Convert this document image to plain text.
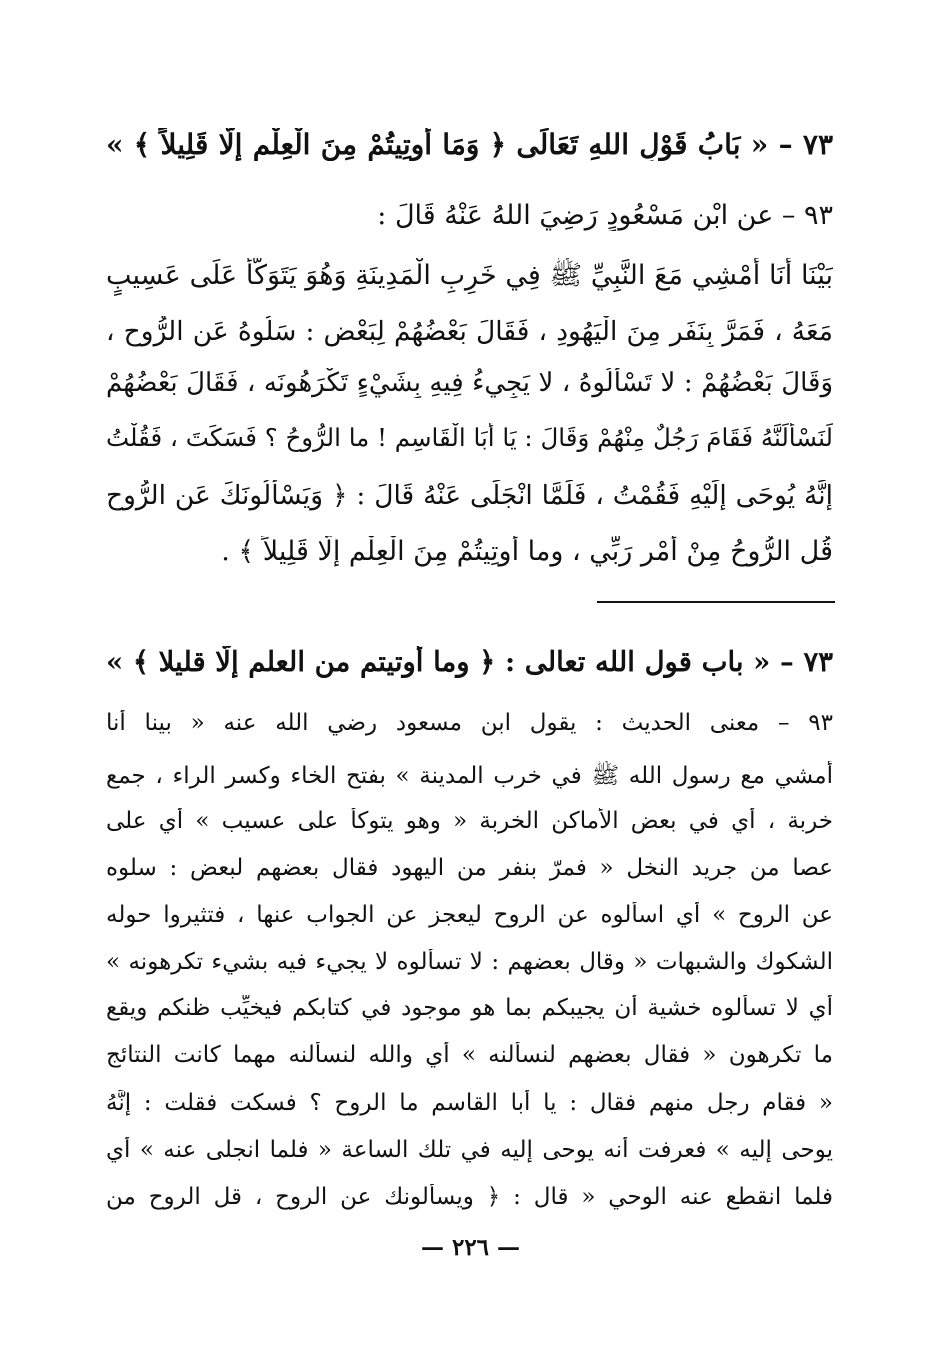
٧٣ – « بَابُ قَوْلِ اللهِ تَعَالَى ﴿ وَمَا أُوتِيتُمْ مِنَ الْعِلْمِ إِلَّا قَلِيلاً ﴾ »
٩٣ – عن ابْنِ مَسْعُودٍ رَضِيَ اللهُ عَنْهُ قَالَ :
بَيْنَا أَنَا أَمْشِي مَعَ النَّبِيِّ ﷺ فِي خَرِبِ الْمَدِينَةِ وَهُوَ يَتَوَكَّأُ عَلَى عَسِيبٍ
مَعَهُ ، فَمَرَّ بِنَفَرٍ مِنَ الْيَهُودِ ، فَقَالَ بَعْضُهُمْ لِبَعْضٍ : سَلُوهُ عَنِ الرُّوحِ ،
وَقَالَ بَعْضُهُمْ : لا تَسْأَلُوهُ ، لا يَجِيءُ فِيهِ بِشَيْءٍ تَكْرَهُونَه ، فَقَالَ بَعْضُهُمْ
لَنَسْأَلَنَّهُ فَقَامَ رَجُلٌ مِنْهُمْ وَقَالَ : يَا أَبَا الْقَاسِمِ ! ما الرُّوحُ ؟ فَسَكَتَ ، فَقُلْتُ
إِنَّهُ يُوحَى إِلَيْهِ فَقُمْتُ ، فَلَمَّا انْجَلَى عَنْهُ قَالَ : ﴿ وَيَسْأَلُونَكَ عَنِ الرُّوحِ
قُلِ الرُّوحُ مِنْ أَمْرِ رَبِّي ، وما أُوتِيتُمْ مِنَ الْعِلْمِ إِلَّا قَلِيلاً ﴾ .
٧٣ – « باب قول الله تعالى : ﴿ وما أوتيتم من العلم إلّا قليلا ﴾ »
٩٣ – معنى الحديث : يقول ابن مسعود رضي الله عنه « بينا أنا
أمشي مع رسول الله ﷺ في خرب المدينة » بفتح الخاء وكسر الراء ، جمع
خربة ، أي في بعض الأماكن الخربة « وهو يتوكأ على عسيب » أي على
عصا من جريد النخل « فمرّ بنفر من اليهود فقال بعضهم لبعض : سلوه
عن الروح » أي اسألوه عن الروح ليعجز عن الجواب عنها ، فتثيروا حوله
الشكوك والشبهات « وقال بعضهم : لا تسألوه لا يجيء فيه بشيء تكرهونه »
أي لا تسألوه خشية أن يجيبكم بما هو موجود في كتابكم فيخيِّب ظنكم ويقع
ما تكرهون « فقال بعضهم لنسألنه » أي والله لنسألنه مهما كانت النتائج
« فقام رجل منهم فقال : يا أبا القاسم ما الروح ؟ فسكت فقلت : إنَّهُ
يوحى إليه » فعرفت أنه يوحى إليه في تلك الساعة « فلما انجلى عنه » أي
فلما انقطع عنه الوحي « قال : ﴿ ويسألونك عن الروح ، قل الروح من
— ٢٢٦ —
